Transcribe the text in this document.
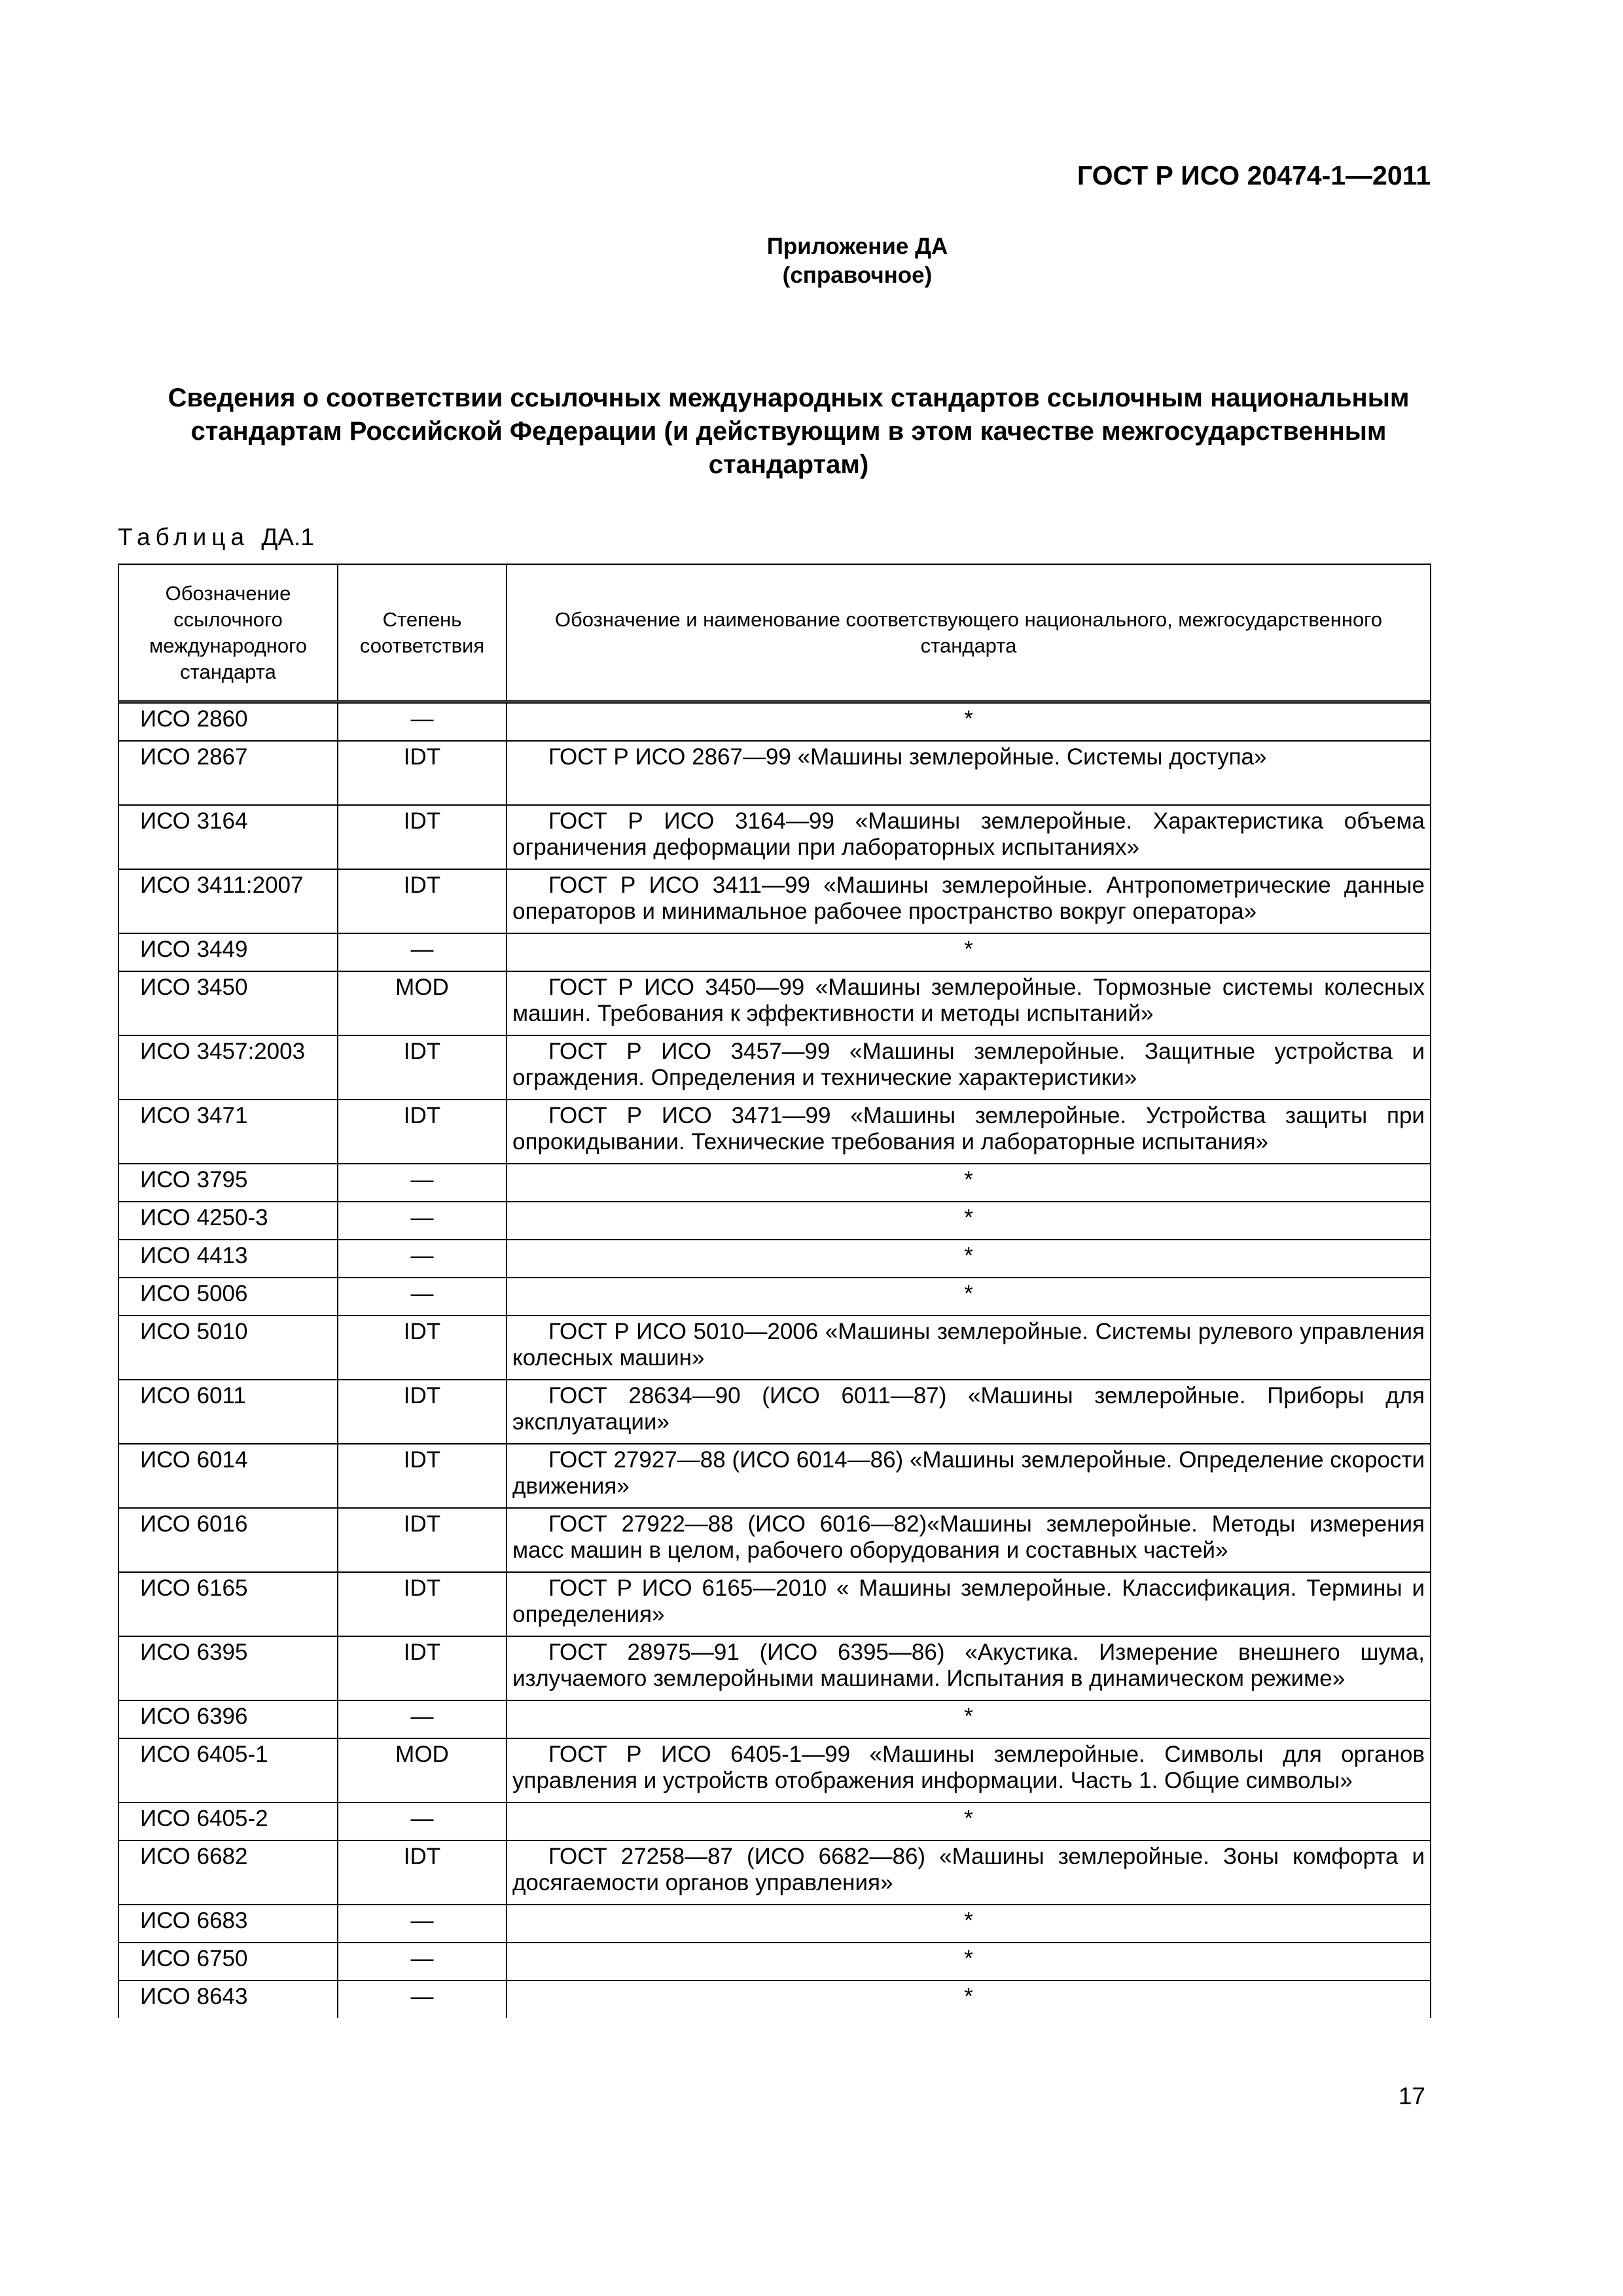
ГОСТ Р ИСО 20474-1—2011
Приложение ДА
(справочное)
Сведения о соответствии ссылочных международных стандартов ссылочным национальным
стандартам Российской Федерации (и действующим в этом качестве межгосударственным
стандартам)
Таблица ДА.1
Обозначение ссылочного международного стандарта	Степень соответствия	Обозначение и наименование соответствующего национального, межгосударственного стандарта
ИСО 2860	—	*

ИСО 2867	IDT	ГОСТ Р ИСО 2867—99 «Машины землеройные. Системы доступа»

ИСО 3164	IDT	ГОСТ Р ИСО 3164—99 «Машины землеройные. Характеристика объема ограничения деформации при лабораторных испытаниях»

ИСО 3411:2007	IDT	ГОСТ Р ИСО 3411—99 «Машины землеройные. Антропометрические данные операторов и минимальное рабочее пространство вокруг оператора»

ИСО 3449	—	*

ИСО 3450	MOD	ГОСТ Р ИСО 3450—99 «Машины землеройные. Тормозные системы колесных машин. Требования к эффективности и методы испытаний»

ИСО 3457:2003	IDT	ГОСТ Р ИСО 3457—99 «Машины землеройные. Защитные устройства и ограждения. Определения и технические характеристики»

ИСО 3471	IDT	ГОСТ Р ИСО 3471—99 «Машины землеройные. Устройства защиты при опрокидывании. Технические требования и лабораторные испытания»

ИСО 3795	—	*

ИСО 4250-3	—	*

ИСО 4413	—	*

ИСО 5006	—	*

ИСО 5010	IDT	ГОСТ Р ИСО 5010—2006 «Машины землеройные. Системы рулевого управления колесных машин»

ИСО 6011	IDT	ГОСТ 28634—90 (ИСО 6011—87) «Машины землеройные. Приборы для эксплуатации»

ИСО 6014	IDT	ГОСТ 27927—88 (ИСО 6014—86) «Машины землеройные. Определение скорости движения»

ИСО 6016	IDT	ГОСТ 27922—88 (ИСО 6016—82)«Машины землеройные. Методы измерения масс машин в целом, рабочего оборудования и составных частей»

ИСО 6165	IDT	ГОСТ Р ИСО 6165—2010 « Машины землеройные. Классификация. Термины и определения»

ИСО 6395	IDT	ГОСТ 28975—91 (ИСО 6395—86) «Акустика. Измерение внешнего шума, излучаемого землеройными машинами. Испытания в динамическом режиме»

ИСО 6396	—	*

ИСО 6405-1	MOD	ГОСТ Р ИСО 6405-1—99 «Машины землеройные. Символы для органов управления и устройств отображения информации. Часть 1. Общие символы»

ИСО 6405-2	—	*

ИСО 6682	IDT	ГОСТ 27258—87 (ИСО 6682—86) «Машины землеройные. Зоны комфорта и досягаемости органов управления»

ИСО 6683	—	*

ИСО 6750	—	*

ИСО 8643	—	*
17
